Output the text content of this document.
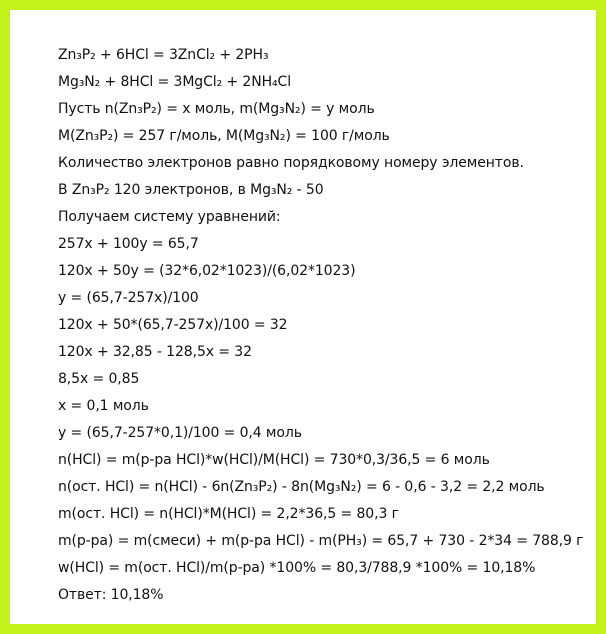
Zn₃P₂ + 6HCl = 3ZnCl₂ + 2PH₃
Mg₃N₂ + 8HCl = 3MgCl₂ + 2NH₄Cl
Пусть n(Zn₃P₂) = x моль, m(Mg₃N₂) = y моль
M(Zn₃P₂) = 257 г/моль, M(Mg₃N₂) = 100 г/моль
Количество электронов равно порядковому номеру элементов.
В Zn₃P₂ 120 электронов, в Mg₃N₂ - 50
Получаем систему уравнений:
257x + 100y = 65,7
120x + 50y = (32*6,02*1023)/(6,02*1023)
y = (65,7-257x)/100
120x + 50*(65,7-257x)/100 = 32
120x + 32,85 - 128,5x = 32
8,5x = 0,85
x = 0,1 моль
y = (65,7-257*0,1)/100 = 0,4 моль
n(HCl) = m(р-ра HCl)*w(HCl)/M(HCl) = 730*0,3/36,5 = 6 моль
n(ост. HCl) = n(HCl) - 6n(Zn₃P₂) - 8n(Mg₃N₂) = 6 - 0,6 - 3,2 = 2,2 моль
m(ост. HCl) = n(HCl)*M(HCl) = 2,2*36,5 = 80,3 г
m(р-ра) = m(смеси) + m(р-ра HCl) - m(PH₃) = 65,7 + 730 - 2*34 = 788,9 г
w(HCl) = m(ост. HCl)/m(р-ра) *100% = 80,3/788,9 *100% = 10,18%
Ответ: 10,18%
